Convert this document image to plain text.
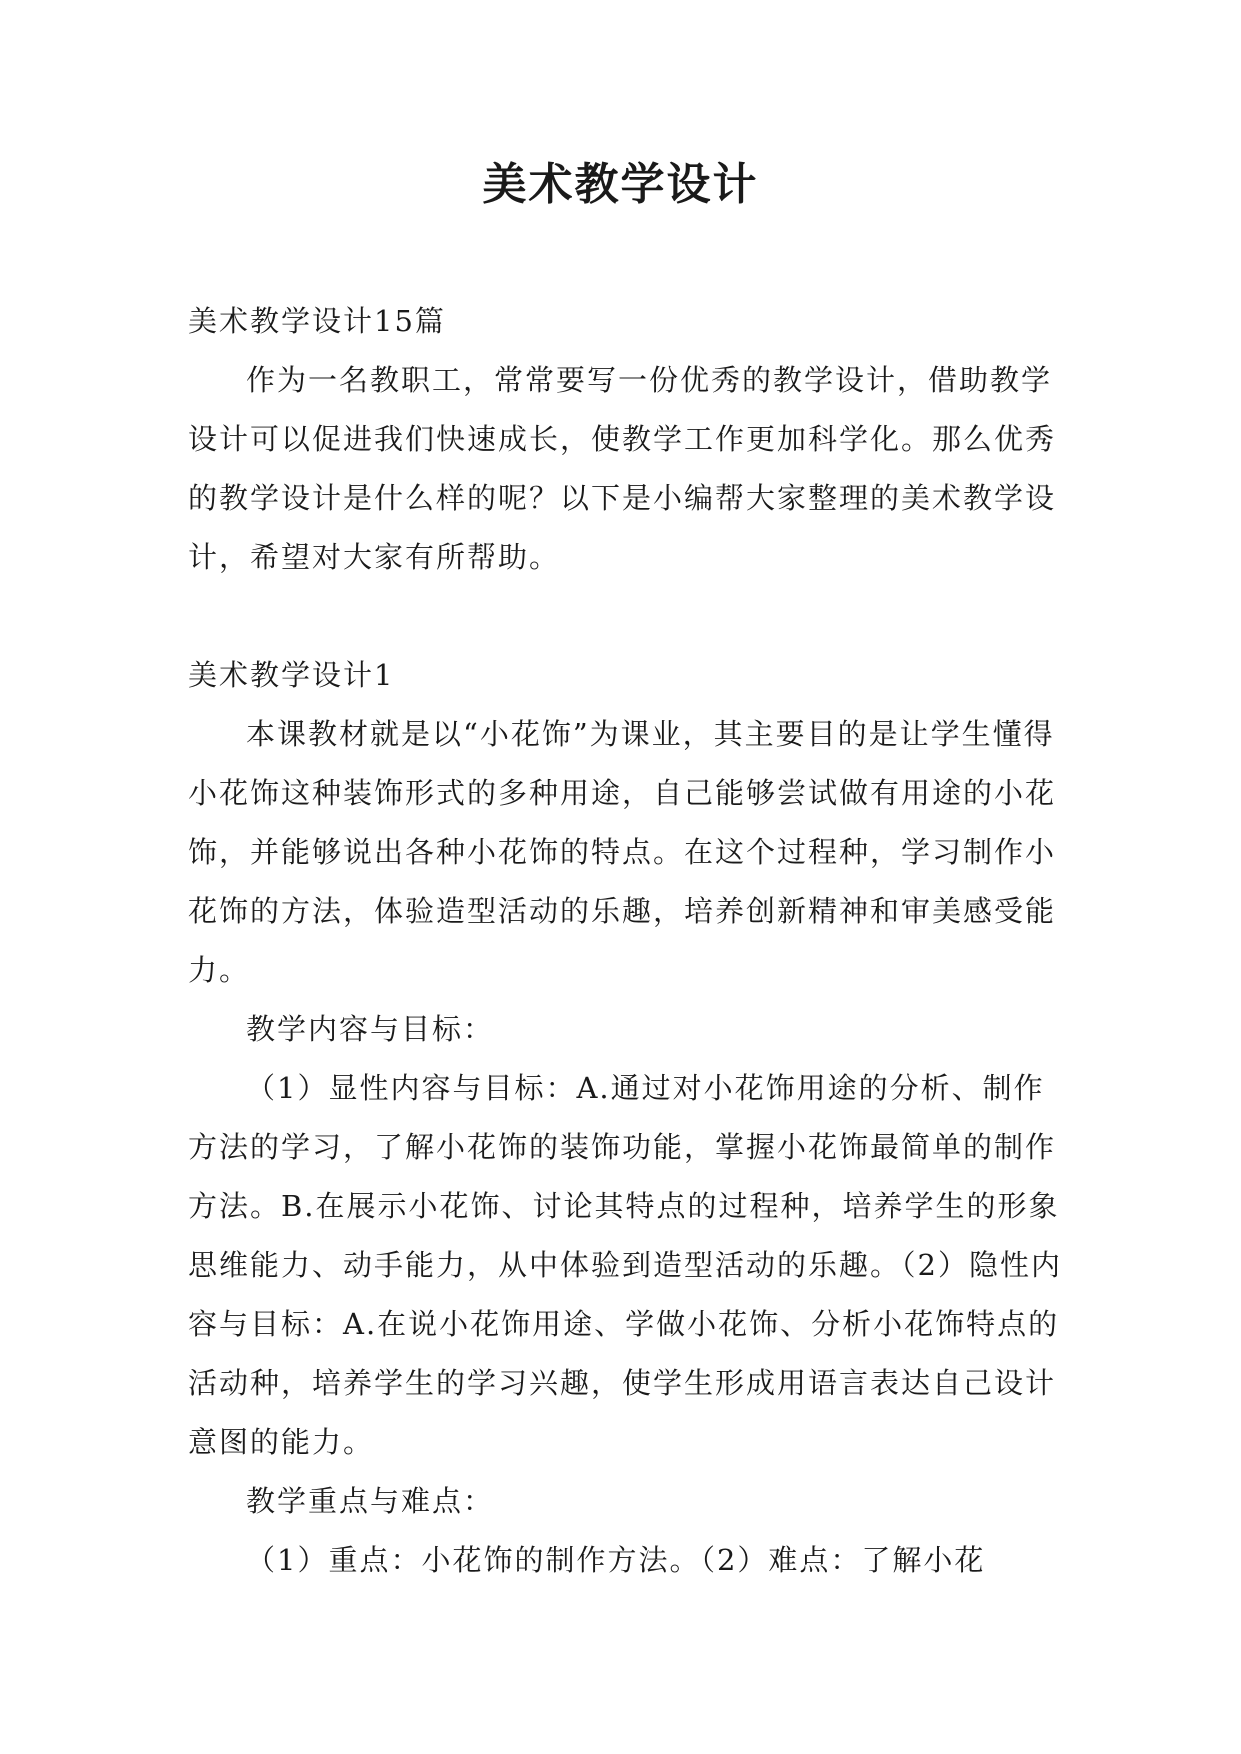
美术教学设计

美术教学设计15篇

作为一名教职工，常常要写一份优秀的教学设计，借助教学设计可以促进我们快速成长，使教学工作更加科学化。那么优秀的教学设计是什么样的呢？以下是小编帮大家整理的美术教学设计，希望对大家有所帮助。

美术教学设计1

本课教材就是以“小花饰”为课业，其主要目的是让学生懂得小花饰这种装饰形式的多种用途，自己能够尝试做有用途的小花饰，并能够说出各种小花饰的特点。在这个过程种，学习制作小花饰的方法，体验造型活动的乐趣，培养创新精神和审美感受能力。

教学内容与目标：

（1）显性内容与目标：A.通过对小花饰用途的分析、制作方法的学习，了解小花饰的装饰功能，掌握小花饰最简单的制作方法。B.在展示小花饰、讨论其特点的过程种，培养学生的形象思维能力、动手能力，从中体验到造型活动的乐趣。（2）隐性内容与目标：A.在说小花饰用途、学做小花饰、分析小花饰特点的活动种，培养学生的学习兴趣，使学生形成用语言表达自己设计意图的能力。

教学重点与难点：

（1）重点：小花饰的制作方法。（2）难点：了解小花
